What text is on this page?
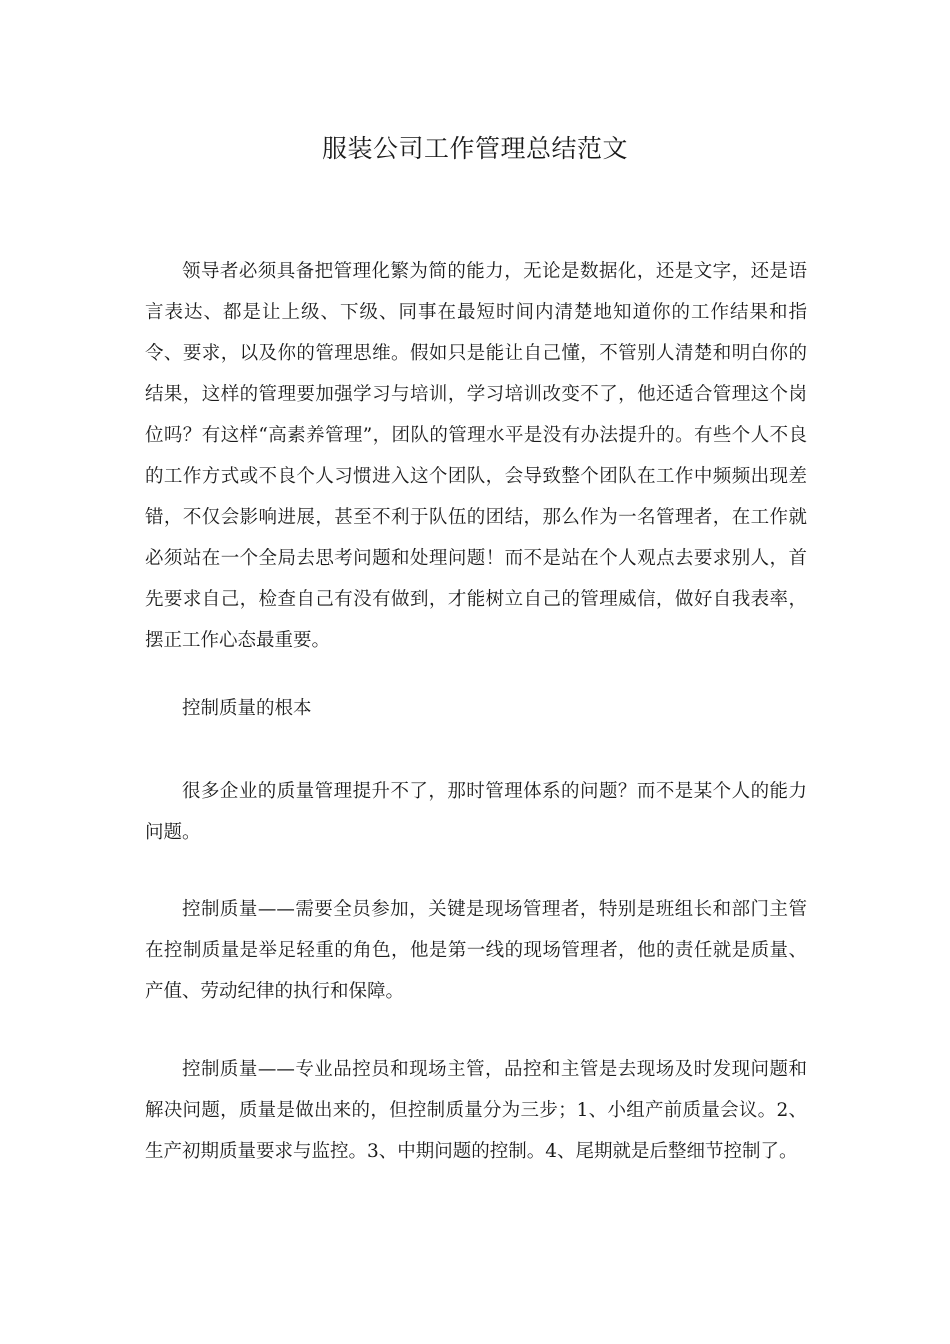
服装公司工作管理总结范文

领导者必须具备把管理化繁为简的能力，无论是数据化，还是文字，还是语言表达、都是让上级、下级、同事在最短时间内清楚地知道你的工作结果和指令、要求，以及你的管理思维。假如只是能让自己懂，不管别人清楚和明白你的结果，这样的管理要加强学习与培训，学习培训改变不了，他还适合管理这个岗位吗？有这样“高素养管理”，团队的管理水平是没有办法提升的。有些个人不良的工作方式或不良个人习惯进入这个团队，会导致整个团队在工作中频频出现差错，不仅会影响进展，甚至不利于队伍的团结，那么作为一名管理者，在工作就必须站在一个全局去思考问题和处理问题！而不是站在个人观点去要求别人，首先要求自己，检查自己有没有做到，才能树立自己的管理威信，做好自我表率，摆正工作心态最重要。

控制质量的根本

很多企业的质量管理提升不了，那时管理体系的问题？而不是某个人的能力问题。

控制质量——需要全员参加，关键是现场管理者，特别是班组长和部门主管在控制质量是举足轻重的角色，他是第一线的现场管理者，他的责任就是质量、产值、劳动纪律的执行和保障。

控制质量——专业品控员和现场主管，品控和主管是去现场及时发现问题和解决问题，质量是做出来的，但控制质量分为三步；1、小组产前质量会议。2、生产初期质量要求与监控。3、中期问题的控制。4、尾期就是后整细节控制了。
